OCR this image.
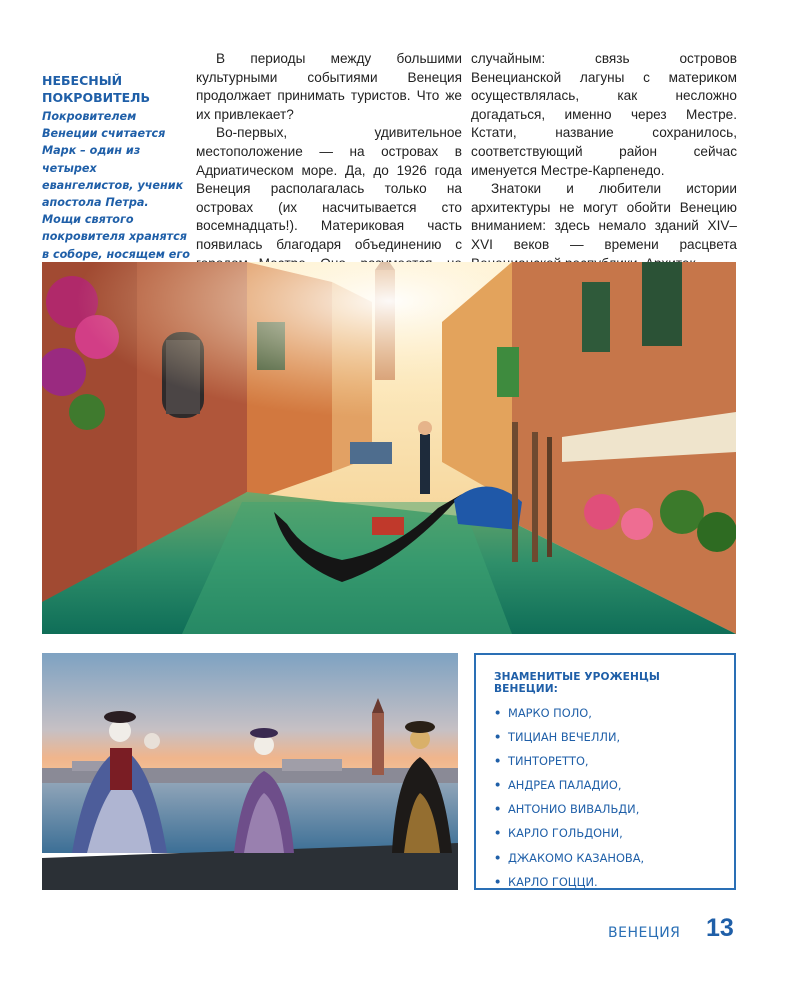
НЕБЕСНЫЙ ПОКРОВИТЕЛЬ
Покровителем Венеции считается Марк – один из четырех евангелистов, ученик апостола Петра. Мощи святого покровителя хранятся в соборе, носящем его

В периоды между большими культурными событиями Венеция продолжает принимать туристов. Что же их привлекает?

Во-первых, удивительное местоположение — на островах в Адриатическом море. Да, до 1926 года Венеция располагалась только на островах (их насчитывается сто восемнадцать!). Материковая часть появилась благодаря объединению с

случайным: связь островов Венецианской лагуны с материком осуществлялась, как несложно догадаться, именно через Местре. Кстати, название сохранилось, соответствующий район сейчас именуется Местре-Карпенедо.

Знатоки и любители истории архитектуры не могут обойти Венецию вниманием: здесь немало зданий XIV–XVI веков — времени расцвета

ЗНАМЕНИТЫЕ УРОЖЕНЦЫ ВЕНЕЦИИ:
• МАРКО ПОЛО,
• ТИЦИАН ВЕЧЕЛЛИ,
• ТИНТОРЕТТО,
• АНДРЕА ПАЛАДИО,
• АНТОНИО ВИВАЛЬДИ,
• КАРЛО ГОЛЬДОНИ,
• ДЖАКОМО КАЗАНОВА,
• КАРЛО ГОЦЦИ.
ВЕНЕЦИЯ 13
